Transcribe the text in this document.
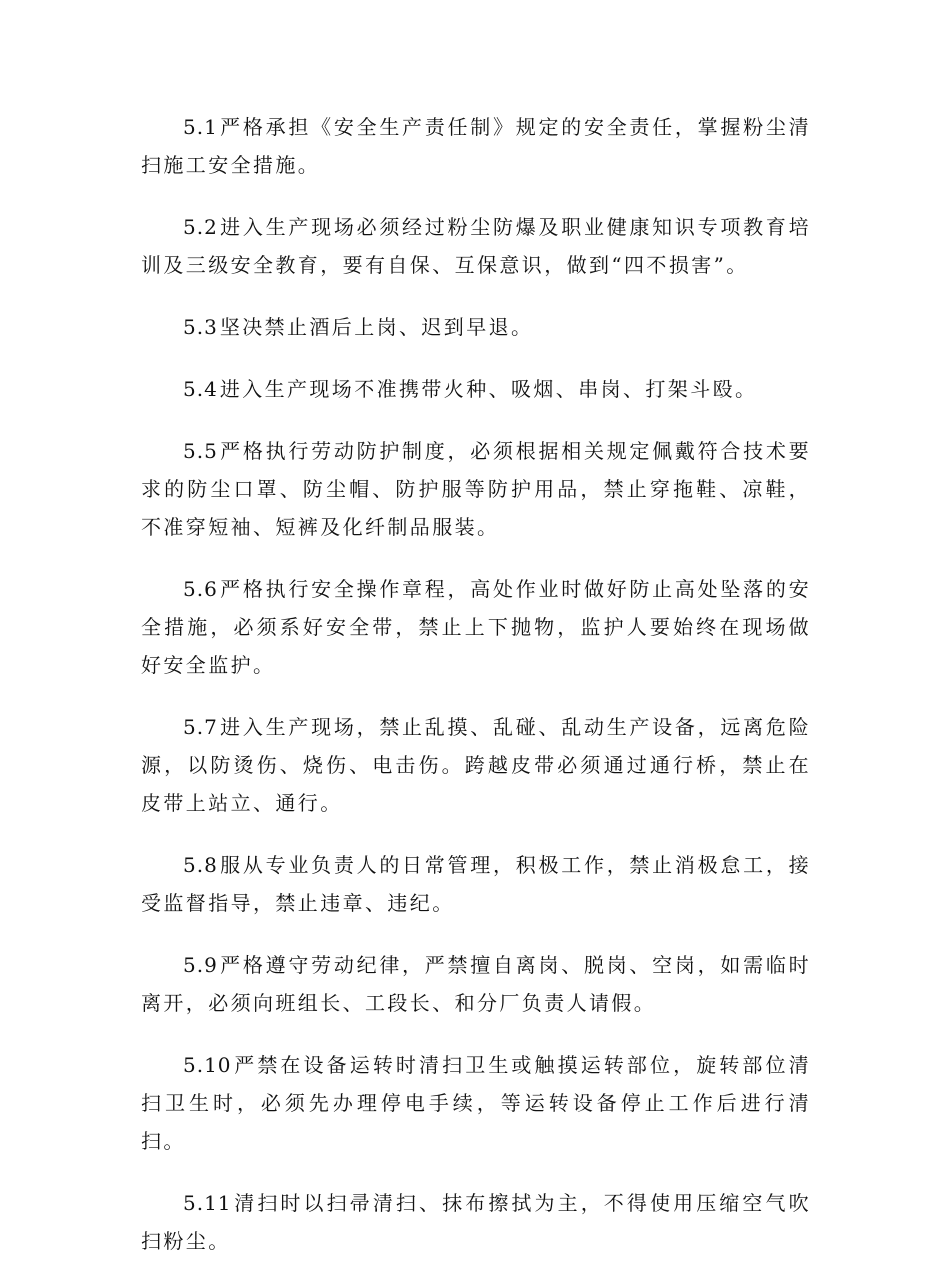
5.1 严格承担《安全生产责任制》规定的安全责任，掌握粉尘清扫施工安全措施。

5.2 进入生产现场必须经过粉尘防爆及职业健康知识专项教育培训及三级安全教育，要有自保、互保意识，做到“四不损害”。

5.3 坚决禁止酒后上岗、迟到早退。

5.4 进入生产现场不准携带火种、吸烟、串岗、打架斗殴。

5.5 严格执行劳动防护制度，必须根据相关规定佩戴符合技术要求的防尘口罩、防尘帽、防护服等防护用品，禁止穿拖鞋、凉鞋，不准穿短袖、短裤及化纤制品服装。

5.6 严格执行安全操作章程，高处作业时做好防止高处坠落的安全措施，必须系好安全带，禁止上下抛物，监护人要始终在现场做好安全监护。

5.7 进入生产现场，禁止乱摸、乱碰、乱动生产设备，远离危险源，以防烫伤、烧伤、电击伤。跨越皮带必须通过通行桥，禁止在皮带上站立、通行。

5.8 服从专业负责人的日常管理，积极工作，禁止消极怠工，接受监督指导，禁止违章、违纪。

5.9 严格遵守劳动纪律，严禁擅自离岗、脱岗、空岗，如需临时离开，必须向班组长、工段长、和分厂负责人请假。

5.10 严禁在设备运转时清扫卫生或触摸运转部位，旋转部位清扫卫生时，必须先办理停电手续，等运转设备停止工作后进行清扫。

5.11 清扫时以扫帚清扫、抹布擦拭为主，不得使用压缩空气吹扫粉尘。
